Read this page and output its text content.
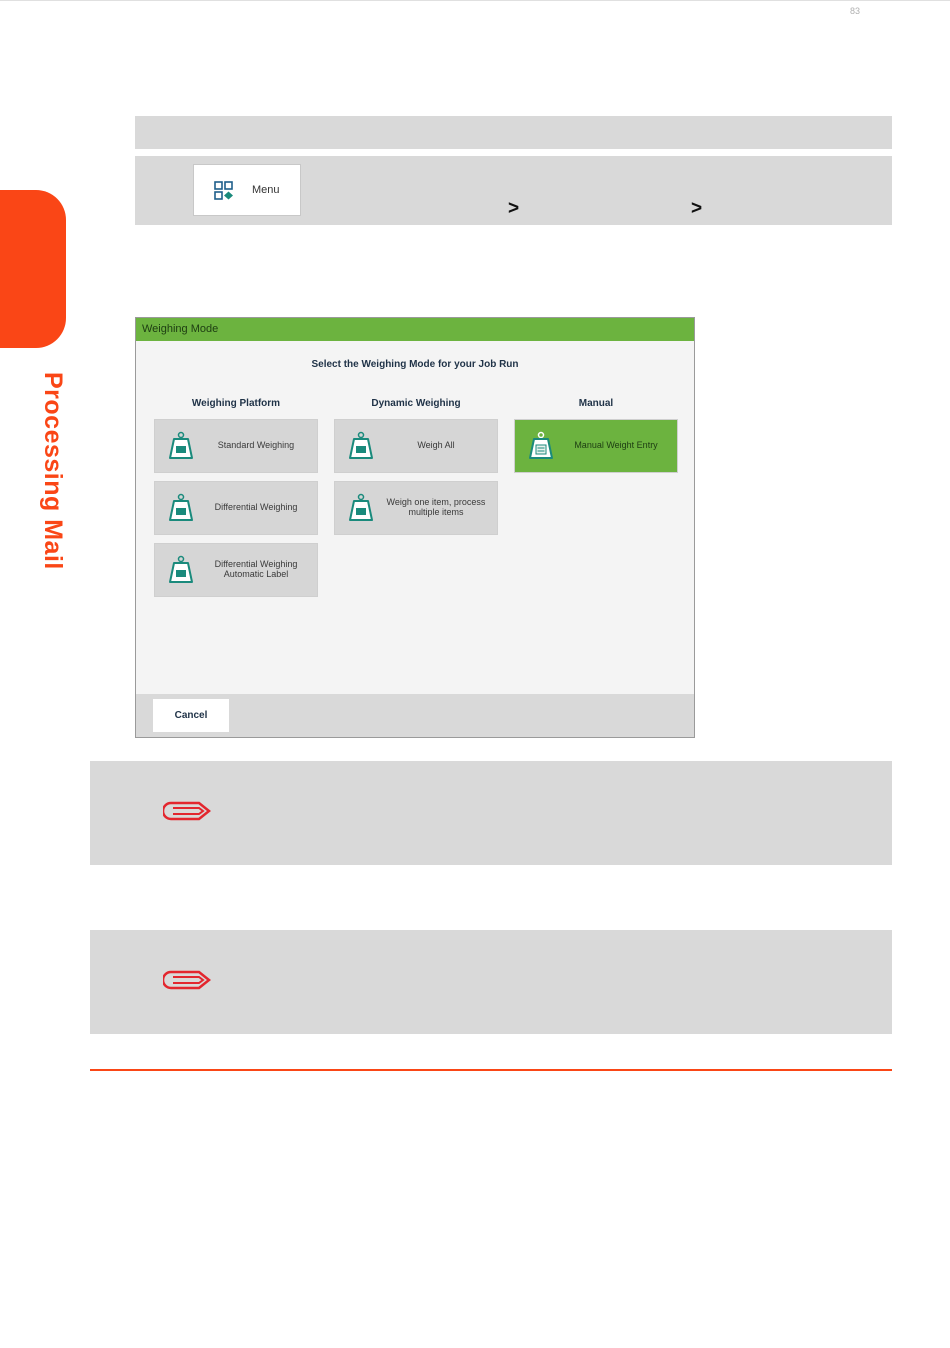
Processing Mail
Menu
>	>
Weighing Mode
Select the Weighing Mode for your Job Run
Weighing Platform	Dynamic Weighing	Manual
Standard Weighing
Differential Weighing
Differential Weighing Automatic Label
Weigh All
Weigh one item, process multiple items
Manual Weight Entry
Cancel
83
